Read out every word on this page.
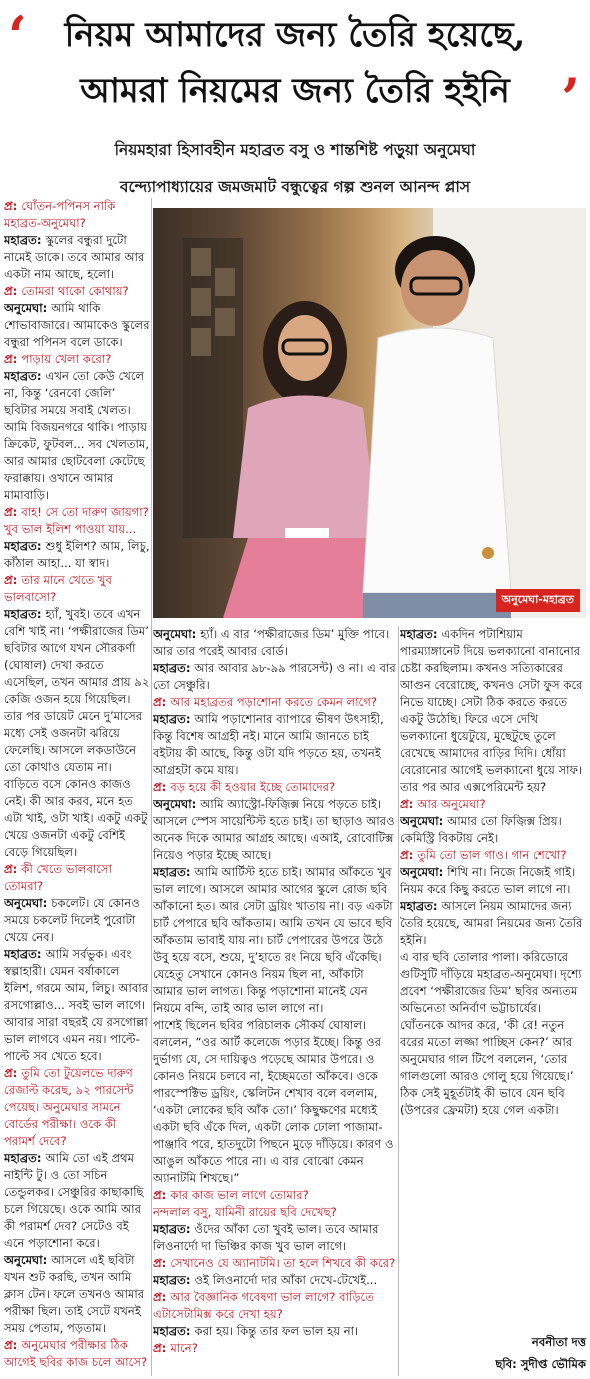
‘	নিয়ম আমাদের জন্য তৈরি হয়েছে,
আমরা নিয়মের জন্য তৈরি হইনি ’
নিয়মহারা হিসাবহীন মহাব্রত বসু ও শান্তশিষ্ট পড়ুয়া অনুমেঘা
বন্দ্যোপাধ্যায়ের জমজমাট বন্ধুত্বের গল্প শুনল আনন্দ প্লাস

প্র: ঘোঁতন-পপিনস নাকি মহাব্রত-অনুমেঘা?

মহাব্রত: স্কুলের বন্ধুরা দুটো নামেই ডাকে। তবে আমার আর একটা নাম আছে, হলো।

প্র: তোমরা থাকো কোথায়?

অনুমেঘা: আমি থাকি শোভাবাজারে। আমাকেও স্কুলের বন্ধুরা পপিনস বলে ডাকে।

প্র: পাড়ায় খেলা করো?

মহাব্রত: এখন তো কেউ খেলে না, কিন্তু ‘রেনবো জেলি’ ছবিটার সময়ে সবাই খেলত। আমি বিজয়নগরে থাকি। পাড়ায় ক্রিকেট, ফুটবল... সব খেলতাম, আর আমার ছোটবেলা কেটেছে ফরাক্কায়। ওখানে আমার মামাবাড়ি।

প্র: বাহ! সে তো দারুণ জায়গা? খুব ভাল ইলিশ পাওয়া যায়...

মহাব্রত: শুধু ইলিশ? আম, লিচু, কাঁঠাল আহা... যা স্বাদ।

প্র: তার মানে খেতে খুব ভালবাসো?

মহাব্রত: হ্যাঁ, খুবই। তবে এখন বেশি খাই না। ‘পক্ষীরাজের ডিম’ ছবিটার আগে যখন সৌরকর্ণা (ঘোষাল) দেখা করতে এসেছিল, তখন আমার প্রায় ৯২ কেজি ওজন হয়ে গিয়েছিল। তার পর ডায়েট মেনে দু’মাসের মধ্যে সেই ওজনটা ঝরিয়ে ফেলেছি। আসলে লকডাউনে তো কোথাও যেতাম না। বাড়িতে বসে কোনও কাজও নেই। কী আর করব, মনে হত এটা খাই, ওটা খাই। একটু একটু খেয়ে ওজনটা একটু বেশিই বেড়ে গিয়েছিল।

প্র: কী খেতে ভালবাসো তোমরা?

অনুমেঘা: চকলেট। যে কোনও সময়ে চকলেট দিলেই পুরোটা খেয়ে নেব।

মহাব্রত: আমি সর্বভুক। এবং স্বল্পাহারী। যেমন বর্ষাকালে ইলিশ, গরমে আম, লিচু। আবার রসগোল্লাও... সবই ভাল লাগে। আবার সারা বছরই যে রসগোল্লা ভাল লাগবে এমন নয়। পাল্টে-পাল্টে সব খেতে হবে।

প্র: তুমি তো টুয়েলভে দারুণ রেজাল্ট করেছ, ৯২ পারসেন্ট পেয়েছ। অনুমেঘার সামনে বোর্ডের পরীক্ষা। ওকে কী পরামর্শ দেবে?

মহাব্রত: আমি তো এই প্রথম নাইন্টি টু। ও তো সচিন তেন্ডুলকর। সেঞ্চুরির কাছাকাছি চলে গিয়েছে। ওকে আমি আর কী পরামর্শ দেব? সেটেও বই এনে পড়াশোনা করে।

অনুমেঘা: আসলে এই ছবিটা যখন শুট করছি, তখন আমি ক্লাস টেন। ফলে তখনও আমার পরীক্ষা ছিল। তাই সেটে যখনই সময় পেতাম, পড়তাম।

প্র: অনুমেঘার পরীক্ষার ঠিক আগেই ছবির কাজ চলে আসে?

অনুমেঘা-মহাব্রত

অনুমেঘা: হ্যাঁ। এ বার ‘পক্ষীরাজের ডিম’ মুক্তি পাবে। আর তার পরেই আবার বোর্ড।

মহাব্রত: আর আবার ৯৮-৯৯ পারসেন্ট) ও না। এ বার তো সেঞ্চুরি।

প্র: আর মহাব্রতর পড়াশোনা করতে কেমন লাগে?

মহাব্রত: আমি পড়াশোনার ব্যাপারে ভীষণ উৎসাহী, কিন্তু বিশেষ আগ্রহী নই। মানে আমি জানতে চাই বইটায় কী আছে, কিন্তু ওটা যদি পড়তে হয়, তখনই আগ্রহটা কমে যায়।

প্র: বড় হয়ে কী হওয়ার ইচ্ছে তোমাদের?

অনুমেঘা: আমি অ্যাস্ট্রো-ফিজ়িক্স নিয়ে পড়তে চাই। আসলে স্পেস সায়েন্টিস্ট হতে চাই। তা ছাড়াও আরও অনেক দিকে আমার আগ্রহ আছে। এআই, রোবোটিক্স নিয়েও পড়ার ইচ্ছে আছে।

মহাব্রত: আমি আর্টিস্ট হতে চাই। আমার আঁকতে খুব ভাল লাগে। আসলে আমার আগের স্কুলে রোজ ছবি আঁকানো হত। আর সেটা ড্রয়িং খাতায় না। বড় একটা চার্ট পেপারে ছবি আঁকতাম। আমি তখন যে ভাবে ছবি আঁকতাম ভাবাই যায় না। চার্ট পেপারের উপরে উঠে উবু হয়ে বসে, শুয়ে, দু’হাতে রং নিয়ে ছবি এঁকেছি। যেহেতু সেখানে কোনও নিয়ম ছিল না, আঁকাটা আমার ভাল লাগত। কিন্তু পড়াশোনা মানেই যেন নিয়মে বন্দি, তাই আর ভাল লাগে না।

পাশেই ছিলেন ছবির পরিচালক সৌকর্য ঘোষাল। বললেন, “ওর আর্ট কলেজে পড়ার ইচ্ছে। কিন্তু ওর দুর্ভাগ্য যে, সে দায়িত্বও পড়েছে আমার উপরে। ও কোনও নিয়মে চলবে না, ইচ্ছেমতো আঁকবে। ওকে পারস্পেক্টিভ ড্রয়িং, স্কেলিটন শেখাব বলে বললাম, ‘একটা লোকের ছবি আঁক তো।’ কিছুক্ষণের মধ্যেই একটা ছবি এঁকে দিল, একটা লোক ঢোলা পাজামা-পাঞ্জাবি পরে, হাতদুটো পিছনে মুড়ে দাঁড়িয়ে। কারণ ও আঙুল আঁকতে পারে না। এ বার বোঝো কেমন অ্যানাটমি শিখছে।”

প্র: কার কাজ ভাল লাগে তোমার?

নন্দলাল বসু, যামিনী রায়ের ছবি দেখেছ?

মহাব্রত: ওঁদের আঁকা তো খুবই ভাল। তবে আমার লিওনার্দো দা ভিঞ্চির কাজ খুব ভাল লাগে।

প্র: সেখানেও যে অ্যানাটমি। তা হলে শিখবে কী করে?

মহাব্রত: ওই লিওনার্দো দার আঁকা দেখে-টেখেই...

প্র: আর বৈজ্ঞানিক গবেষণা ভাল লাগে? বাড়িতে এটাসেটামিক্স করে দেখা হয়?

মহাব্রত: করা হয়। কিন্তু তার ফল ভাল হয় না।

প্র: মানে?

মহাব্রত: একদিন পটাশিয়াম পারম্যাঙ্গানেট দিয়ে ভলক্যানো বানানোর চেষ্টা করছিলাম। কখনও সত্যিকারের আগুন বেরোচ্ছে, কখনও সেটা ফুস করে নিভে যাচ্ছে। সেটা ঠিক করতে করতে একটু উঠেছি। ফিরে এসে দেখি ভলক্যানো ধুয়েটুয়ে, মুছেটুছে তুলে রেখেছে আমাদের বাড়ির দিদি। ধোঁয়া বেরোনোর আগেই ভলক্যানো ধুয়ে সাফ। তার পর আর এক্সপেরিমেন্ট হয়?

প্র: আর অনুমেঘা?

অনুমেঘা: আমার তো ফিজ়িক্স প্রিয়। কেমিস্ট্রি বিকটায় নেই।

প্র: তুমি তো ভাল গাও। গান শেখো?

অনুমেঘা: শিখি না। নিজে নিজেই গাই। নিয়ম করে কিছু করতে ভাল লাগে না।

মহাব্রত: আসলে নিয়ম আমাদের জন্য তৈরি হয়েছে, আমরা নিয়মের জন্য তৈরি হইনি।

এ বার ছবি তোলার পালা। করিডোরে গুটিসুটি দাঁড়িয়ে মহাব্রত-অনুমেঘা। দৃশ্যে প্রবেশ ‘পক্ষীরাজের ডিম’ ছবির অন্যতম অভিনেতা অনির্বাণ ভট্টাচার্যের। ঘোঁতনকে আদর করে, ‘কী রে! নতুন বরের মতো লজ্জা পাচ্ছিস কেন?’ আর অনুমেঘার গাল টিপে বললেন, ‘তোর গালগুলো আরও গোলু হয়ে গিয়েছে।’ ঠিক সেই মুহূর্তটাই কী ভাবে যেন ছবি (উপরের ফ্রেমটা) হয়ে গেল একটা।

নবনীতা দত্ত
ছবি: সুদীপ্ত ভৌমিক
